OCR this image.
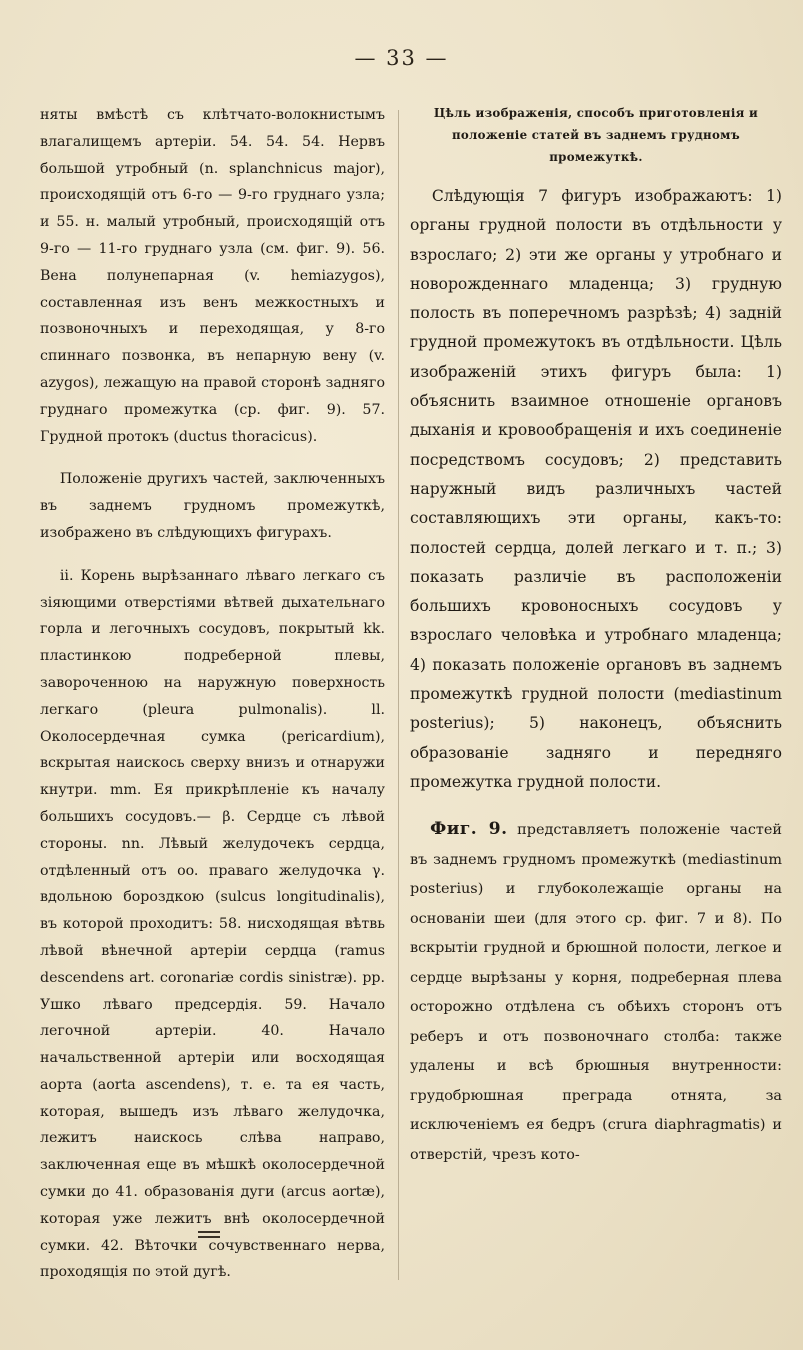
— 33 —

няты вмѣстѣ съ клѣтчато-волокнистымъ влагалищемъ артеріи. 54. 54. 54. Нервъ большой утробный (n. splanchnicus major), происходящій отъ 6-го — 9-го груднаго узла; и 55. н. малый утробный, происходящій отъ 9-го — 11-го груднаго узла (см. фиг. 9). 56. Вена полунепарная (v. hemiazygos), составленная изъ венъ межкостныхъ и позвоночныхъ и переходящая, у 8-го спиннаго позвонка, въ непарную вену (v. azygos), лежащую на правой сторонѣ задняго груднаго промежутка (ср. фиг. 9). 57. Грудной протокъ (ductus thoracicus).

Положеніе другихъ частей, заключенныхъ въ заднемъ грудномъ промежуткѣ, изображено въ слѣдующихъ фигурахъ.

ii. Корень вырѣзаннаго лѣваго легкаго съ зіяющими отверстіями вѣтвей дыхательнаго горла и легочныхъ сосудовъ, покрытый kk. пластинкою подреберной плевы, завороченною на наружную поверхность легкаго (pleura pulmonalis). ll. Околосердечная сумка (pericardium), вскрытая наискось сверху внизъ и отнаружи кнутри. mm. Ея прикрѣпленіе къ началу большихъ сосудовъ.— β. Сердце съ лѣвой стороны. nn. Лѣвый желудочекъ сердца, отдѣленный отъ oo. праваго желудочка γ. вдольною бороздкою (sulcus longitudinalis), въ которой проходитъ: 58. нисходящая вѣтвь лѣвой вѣнечной артеріи сердца (ramus descendens art. coronariæ cordis sinistræ). pp. Ушко лѣваго предсердія. 59. Начало легочной артеріи. 40. Начало начальственной артеріи или восходящая аорта (aorta ascendens), т. е. та ея часть, которая, вышедъ изъ лѣваго желудочка, лежитъ наискось слѣва направо, заключенная еще въ мѣшкѣ околосердечной сумки до 41. образованія дуги (arcus aortæ), которая уже лежитъ внѣ околосердечной сумки. 42. Вѣточки сочувственнаго нерва, проходящія по этой дугѣ.

Цѣль изображенія, способъ приготовленія и положеніе статей въ заднемъ грудномъ промежуткѣ.

Слѣдующія 7 фигуръ изображаютъ: 1) органы грудной полости въ отдѣльности у взрослаго; 2) эти же органы у утробнаго и новорожденнаго младенца; 3) грудную полость въ поперечномъ разрѣзѣ; 4) задній грудной промежутокъ въ отдѣльности. Цѣль изображеній этихъ фигуръ была: 1) объяснить взаимное отношеніе органовъ дыханія и кровообращенія и ихъ соединеніе посредствомъ сосудовъ; 2) представить наружный видъ различныхъ частей составляющихъ эти органы, какъ-то: полостей сердца, долей легкаго и т. п.; 3) показать различіе въ расположеніи большихъ кровоносныхъ сосудовъ у взрослаго человѣка и утробнаго младенца; 4) показать положеніе органовъ въ заднемъ промежуткѣ грудной полости (mediastinum posterius); 5) наконецъ, объяснить образованіе задняго и передняго промежутка грудной полости.

Фиг. 9. представляетъ положеніе частей въ заднемъ грудномъ промежуткѣ (mediastinum posterius) и глубоколежащіе органы на основаніи шеи (для этого ср. фиг. 7 и 8). По вскрытіи грудной и брюшной полости, легкое и сердце вырѣзаны у корня, подреберная плева осторожно отдѣлена съ обѣихъ сторонъ отъ реберъ и отъ позвоночнаго столба: также удалены и всѣ брюшныя внутренности: грудобрюшная преграда отнята, за исключеніемъ ея бедръ (crura diaphragmatis) и отверстій, чрезъ кото-
